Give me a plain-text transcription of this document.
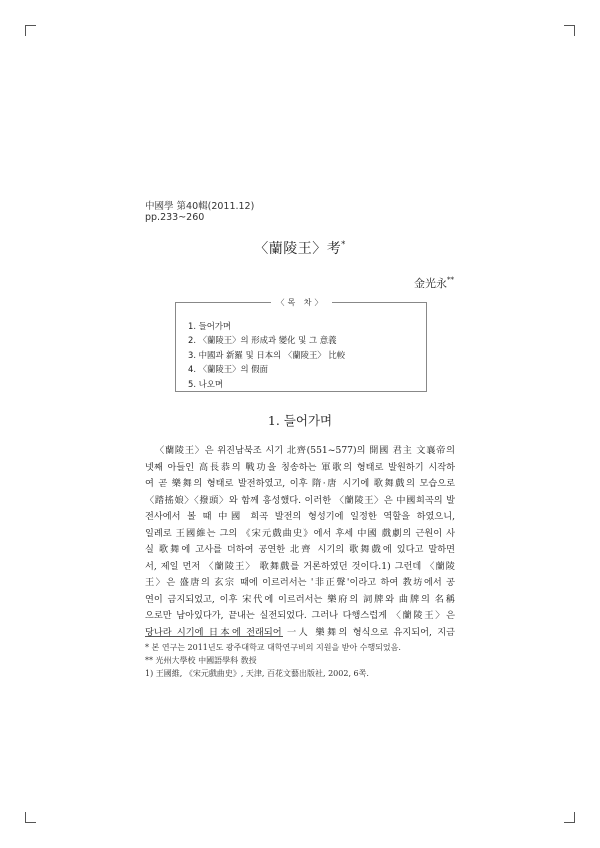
中國學 第40輯(2011.12)
pp.233~260
〈蘭陵王〉考*
金光永**
〈목 차〉
1. 들어가며
2. 〈蘭陵王〉의 形成과 變化 및 그 意義
3. 中國과 新羅 및 日本의 〈蘭陵王〉 比較
4. 〈蘭陵王〉의 假面
5. 나오며
1. 들어가며
〈蘭陵王〉은 위진남북조 시기 北齊(551~577)의 開國 君主 文襄帝의
넷째 아들인 高長恭의 戰功을 칭송하는 軍歌의 형태로 발원하기 시작하
여 곧 樂舞의 형태로 발전하였고, 이후 隋·唐 시기에 歌舞戲의 모습으로
〈踏搖娘〉〈撥頭〉와 함께 흥성했다. 이러한 〈蘭陵王〉은 中國희곡의 발
전사에서 볼 때 中國 희곡 발전의 형성기에 일정한 역할을 하였으니,
일례로 王國維는 그의 《宋元戲曲史》에서 후세 中國 戲劇의 근원이 사
실 歌舞에 고사를 더하여 공연한 北齊 시기의 歌舞戲에 있다고 말하면
서, 제일 먼저 〈蘭陵王〉 歌舞戲를 거론하였던 것이다.1) 그런데 〈蘭陵
王〉은 盛唐의 玄宗 때에 이르러서는 '非正聲'이라고 하여 教坊에서 공
연이 금지되었고, 이후 宋代에 이르러서는 樂府의 詞牌와 曲牌의 名稱
으로만 남아있다가, 끝내는 실전되었다. 그러나 다행스럽게 〈蘭陵王〉은
당나라 시기에 日本에 전래되어 一人 樂舞의 형식으로 유지되어, 지금
* 본 연구는 2011년도 광주대학교 대학연구비의 지원을 받아 수행되었음.
** 光州大學校 中國語學科 敎授
1) 王國維, 《宋元戲曲史》, 天津, 百花文藝出版社, 2002, 6쪽.
